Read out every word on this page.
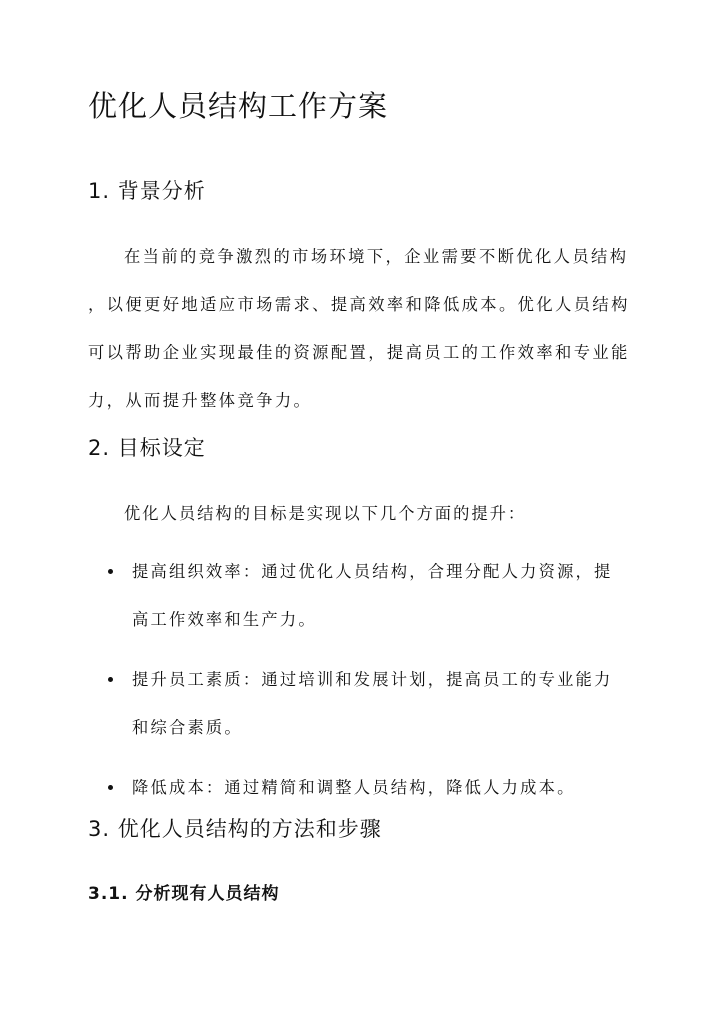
优化人员结构工作方案
1. 背景分析

在当前的竞争激烈的市场环境下，企业需要不断优化人员结构
，以便更好地适应市场需求、提高效率和降低成本。优化人员结构
可以帮助企业实现最佳的资源配置，提高员工的工作效率和专业能
力，从而提升整体竞争力。

2. 目标设定

优化人员结构的目标是实现以下几个方面的提升：

提高组织效率：通过优化人员结构，合理分配人力资源，提
高工作效率和生产力。
提升员工素质：通过培训和发展计划，提高员工的专业能力
和综合素质。
降低成本：通过精简和调整人员结构，降低人力成本。
3. 优化人员结构的方法和步骤
3.1. 分析现有人员结构
